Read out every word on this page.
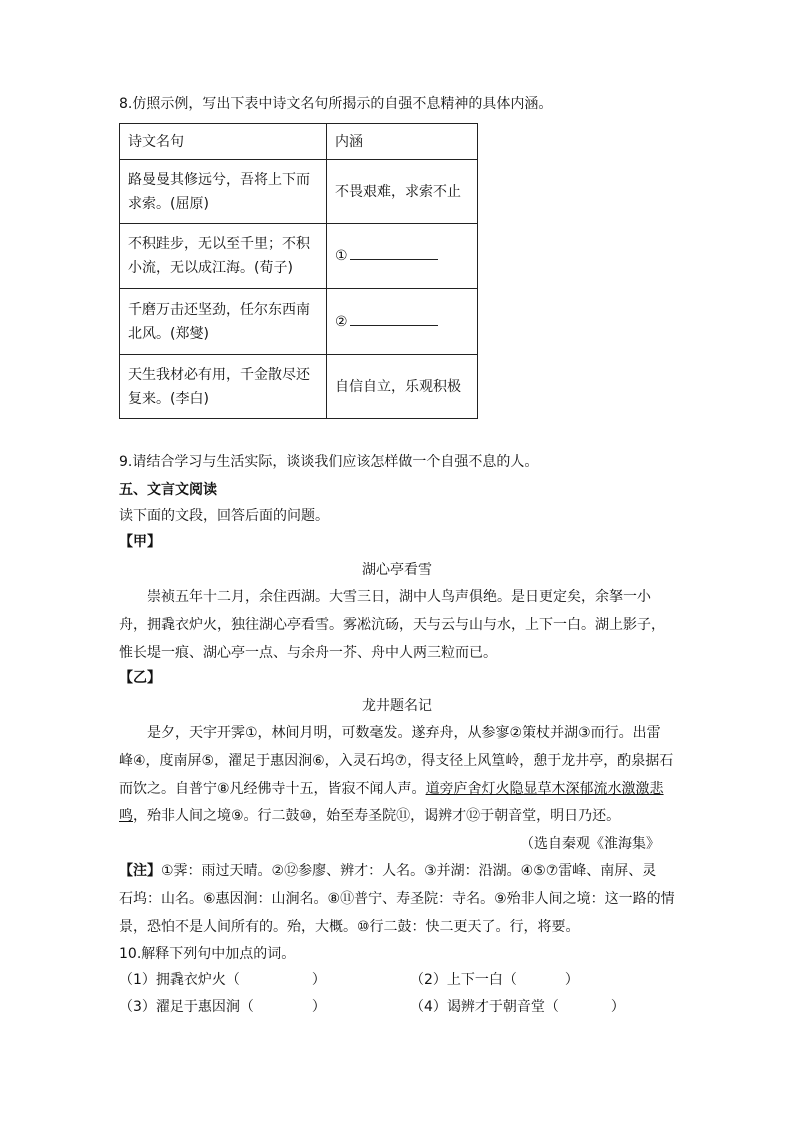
8.仿照示例，写出下表中诗文名句所揭示的自强不息精神的具体内涵。
诗文名句	内涵

路曼曼其修远兮，吾将上下而
求索。(屈原)	不畏艰难，求索不止

不积跬步，无以至千里；不积
小流，无以成江海。(荀子)	①

千磨万击还坚劲，任尔东西南
北风。(郑燮)	②

天生我材必有用，千金散尽还
复来。(李白)	自信自立，乐观积极
9.请结合学习与生活实际，谈谈我们应该怎样做一个自强不息的人。
五、文言文阅读
读下面的文段，回答后面的问题。
【甲】
湖心亭看雪
崇祯五年十二月，余住西湖。大雪三日，湖中人鸟声俱绝。是日更定矣，余拏一小
舟，拥毳衣炉火，独往湖心亭看雪。雾凇沆砀，天与云与山与水，上下一白。湖上影子，
惟长堤一痕、湖心亭一点、与余舟一芥、舟中人两三粒而已。
【乙】
龙井题名记
是夕，天宇开霁①，林间月明，可数毫发。遂弃舟，从参寥②策杖并湖③而行。出雷
峰④，度南屏⑤，濯足于惠因涧⑥，入灵石坞⑦，得支径上风篁岭，憩于龙井亭，酌泉据石
而饮之。自普宁⑧凡经佛寺十五，皆寂不闻人声。道旁庐舍灯火隐显草木深郁流水激激悲
鸣，殆非人间之境⑨。行二鼓⑩，始至寿圣院⑪，谒辨才⑫于朝音堂，明日乃还。
（选自秦观《淮海集》
【注】①霁：雨过天晴。②⑫参廖、辨才：人名。③并湖：沿湖。④⑤⑦雷峰、南屏、灵
石坞：山名。⑥惠因涧：山涧名。⑧⑪普宁、寿圣院：寺名。⑨殆非人间之境：这一路的情
景，恐怕不是人间所有的。殆，大概。⑩行二鼓：快二更天了。行，将要。
10.解释下列句中加点的词。
（1）拥毳衣炉火（	）	（2）上下一白（	）
（3）濯足于惠因涧（	）	（4）谒辨才于朝音堂（	）
